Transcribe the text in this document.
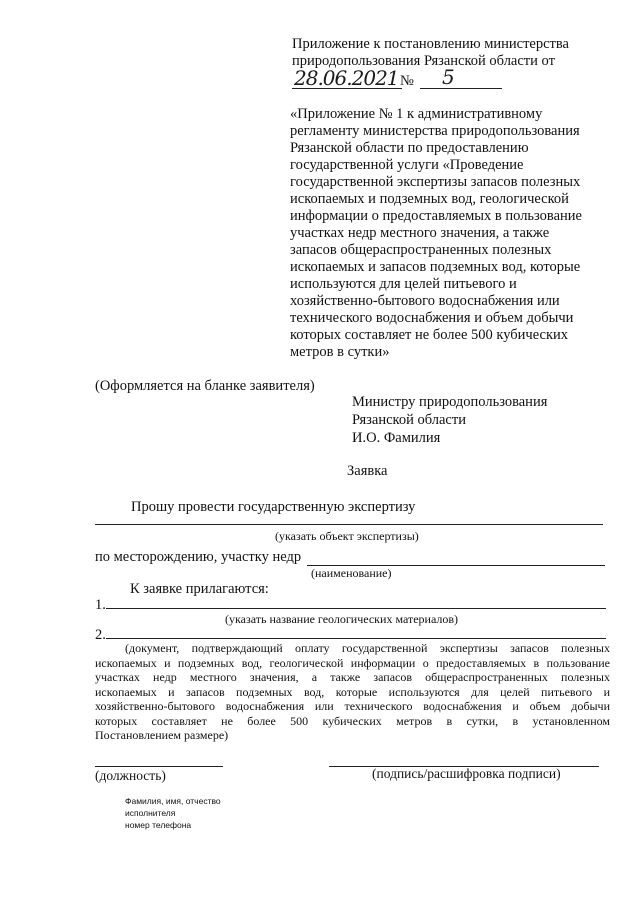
Приложение к постановлению министерства
природопользования Рязанской области от
28.06.2021 № 5
«Приложение № 1 к административному
регламенту министерства природопользования
Рязанской области по предоставлению
государственной услуги «Проведение
государственной экспертизы запасов полезных
ископаемых и подземных вод, геологической
информации о предоставляемых в пользование
участках недр местного значения, а также
запасов общераспространенных полезных
ископаемых и запасов подземных вод, которые
используются для целей питьевого и
хозяйственно-бытового водоснабжения или
технического водоснабжения и объем добычи
которых составляет не более 500 кубических
метров в сутки»
(Оформляется на бланке заявителя)
Министру природопользования
Рязанской области
И.О. Фамилия
Заявка
Прошу провести государственную экспертизу
(указать объект экспертизы)
по месторождению, участку недр
(наименование)
К заявке прилагаются:
1.
(указать название геологических материалов)
2.
(документ, подтверждающий оплату государственной экспертизы запасов полезных
ископаемых и подземных вод, геологической информации о предоставляемых в пользование
участках недр местного значения, а также запасов общераспространенных полезных
ископаемых и запасов подземных вод, которые используются для целей питьевого и
хозяйственно-бытового водоснабжения или технического водоснабжения и объем добычи
которых составляет не более 500 кубических метров в сутки, в установленном
Постановлением размере)
(должность)	(подпись/расшифровка подписи)
Фамилия, имя, отчество
исполнителя
номер телефона
